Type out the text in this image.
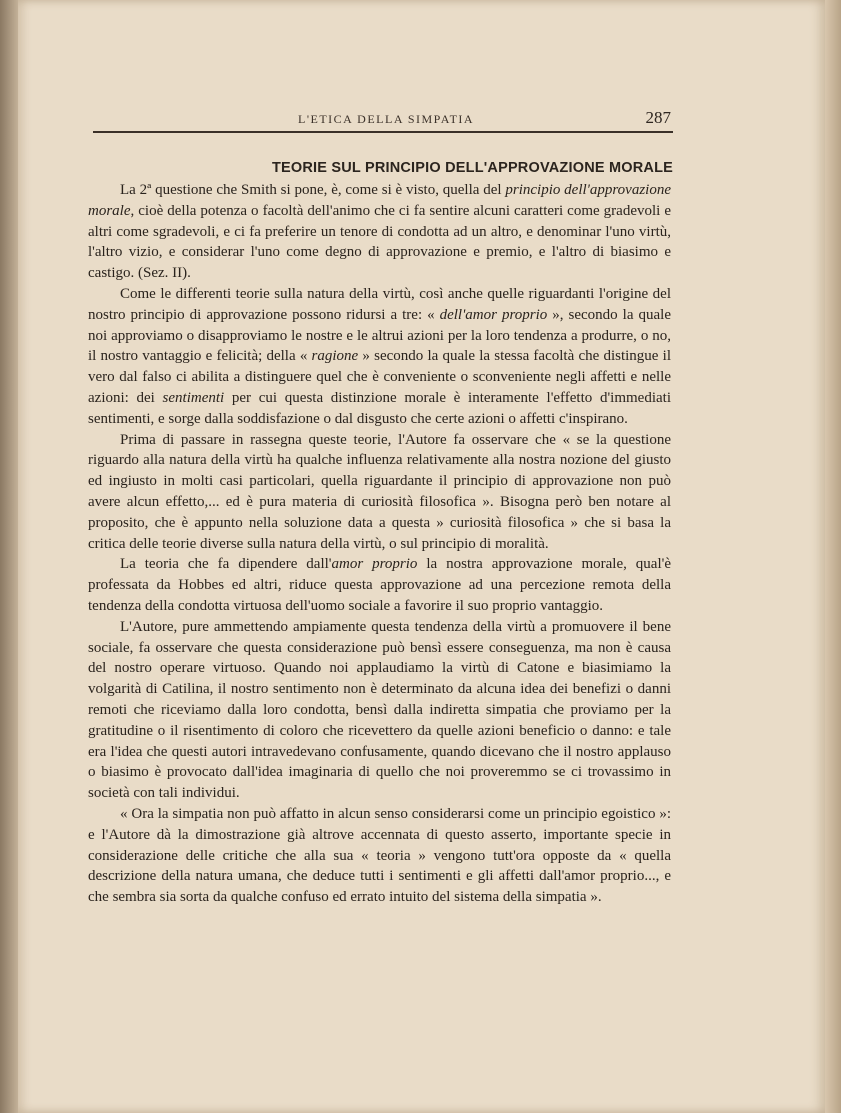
L'ETICA DELLA SIMPATIA	287
TEORIE SUL PRINCIPIO DELL'APPROVAZIONE MORALE

La 2ª questione che Smith si pone, è, come si è visto, quella del principio dell'approvazione morale, cioè della potenza o facoltà dell'animo che ci fa sentire alcuni caratteri come gradevoli e altri come sgradevoli, e ci fa preferire un tenore di condotta ad un altro, e denominar l'uno virtù, l'altro vizio, e considerar l'uno come degno di approvazione e premio, e l'altro di biasimo e castigo. (Sez. II).

Come le differenti teorie sulla natura della virtù, così anche quelle riguardanti l'origine del nostro principio di approvazione possono ridursi a tre: « dell'amor proprio », secondo la quale noi approviamo o disapproviamo le nostre e le altrui azioni per la loro tendenza a produrre, o no, il nostro vantaggio e felicità; della « ragione » secondo la quale la stessa facoltà che distingue il vero dal falso ci abilita a distinguere quel che è conveniente o sconveniente negli affetti e nelle azioni: dei sentimenti per cui questa distinzione morale è interamente l'effetto d'immediati sentimenti, e sorge dalla soddisfazione o dal disgusto che certe azioni o affetti c'inspirano.

Prima di passare in rassegna queste teorie, l'Autore fa osservare che « se la questione riguardo alla natura della virtù ha qualche influenza relativamente alla nostra nozione del giusto ed ingiusto in molti casi particolari, quella riguardante il principio di approvazione non può avere alcun effetto,... ed è pura materia di curiosità filosofica ». Bisogna però ben notare al proposito, che è appunto nella soluzione data a questa » curiosità filosofica » che si basa la critica delle teorie diverse sulla natura della virtù, o sul principio di moralità.

La teoria che fa dipendere dall'amor proprio la nostra approvazione morale, qual'è professata da Hobbes ed altri, riduce questa approvazione ad una percezione remota della tendenza della condotta virtuosa dell'uomo sociale a favorire il suo proprio vantaggio.

L'Autore, pure ammettendo ampiamente questa tendenza della virtù a promuovere il bene sociale, fa osservare che questa considerazione può bensì essere conseguenza, ma non è causa del nostro operare virtuoso. Quando noi applaudiamo la virtù di Catone e biasimiamo la volgarità di Catilina, il nostro sentimento non è determinato da alcuna idea dei benefizi o danni remoti che riceviamo dalla loro condotta, bensì dalla indiretta simpatia che proviamo per la gratitudine o il risentimento di coloro che ricevettero da quelle azioni beneficio o danno: e tale era l'idea che questi autori intravedevano confusamente, quando dicevano che il nostro applauso o biasimo è provocato dall'idea imaginaria di quello che noi proveremmo se ci trovassimo in società con tali individui.

« Ora la simpatia non può affatto in alcun senso considerarsi come un principio egoistico »: e l'Autore dà la dimostrazione già altrove accennata di questo asserto, importante specie in considerazione delle critiche che alla sua « teoria » vengono tutt'ora opposte da « quella descrizione della natura umana, che deduce tutti i sentimenti e gli affetti dall'amor proprio..., e che sembra sia sorta da qualche confuso ed errato intuito del sistema della simpatia ».
